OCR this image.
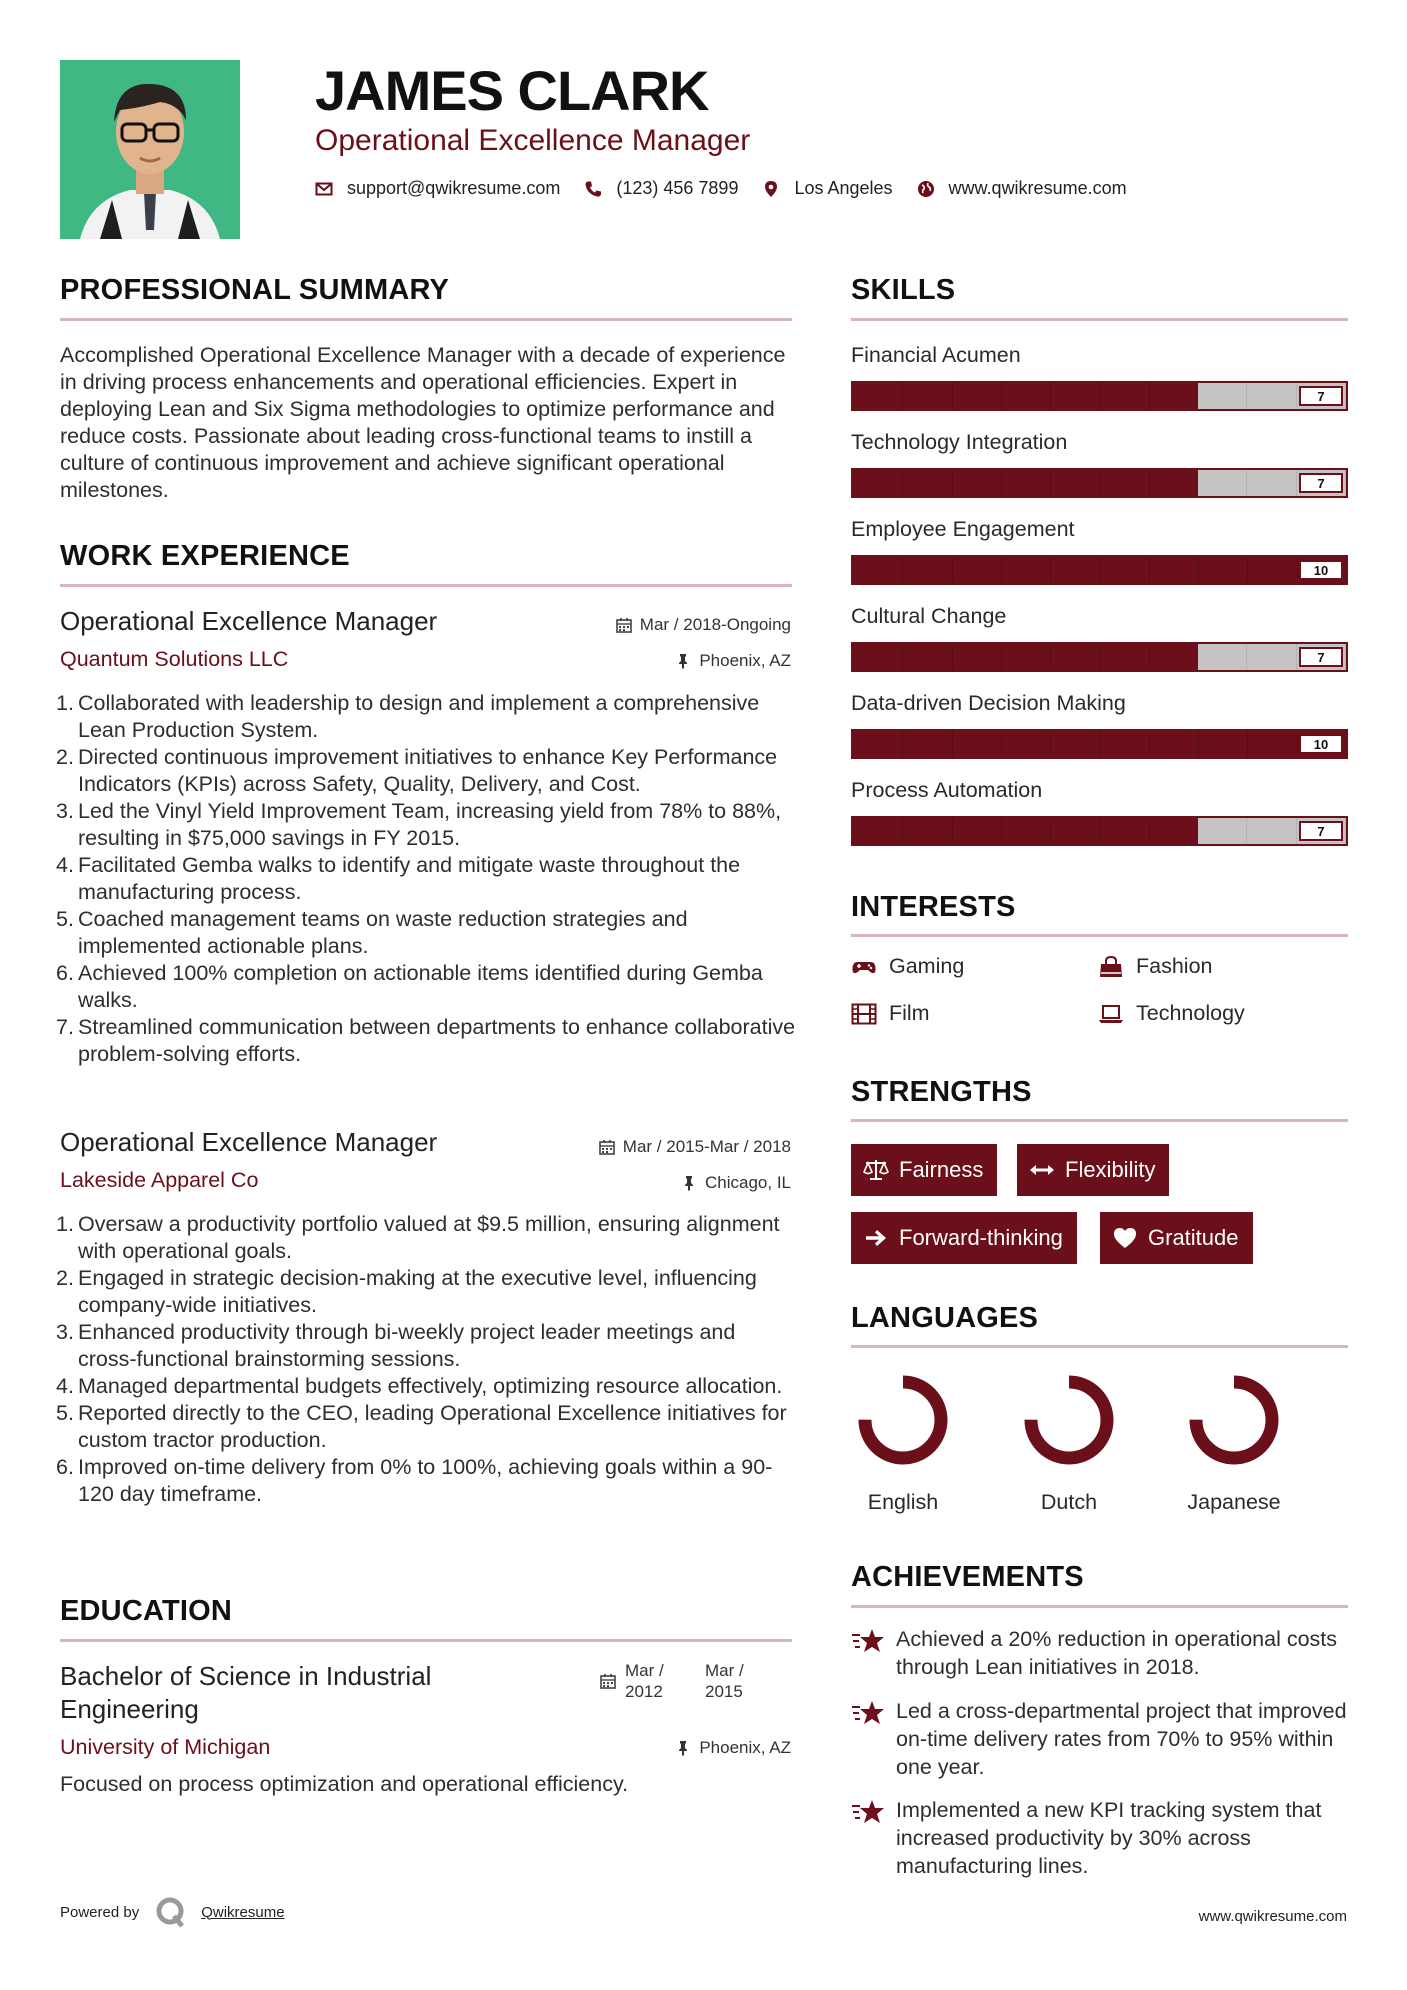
JAMES CLARK
Operational Excellence Manager
support@qwikresume.com	(123) 456 7899	Los Angeles	www.qwikresume.com
PROFESSIONAL SUMMARY
Accomplished Operational Excellence Manager with a decade of experience in driving process enhancements and operational efficiencies. Expert in deploying Lean and Six Sigma methodologies to optimize performance and reduce costs. Passionate about leading cross-functional teams to instill a culture of continuous improvement and achieve significant operational milestones.
WORK EXPERIENCE
Operational Excellence Manager	Mar / 2018-Ongoing
Quantum Solutions LLC	Phoenix, AZ
Collaborated with leadership to design and implement a comprehensive Lean Production System.
Directed continuous improvement initiatives to enhance Key Performance Indicators (KPIs) across Safety, Quality, Delivery, and Cost.
Led the Vinyl Yield Improvement Team, increasing yield from 78% to 88%, resulting in $75,000 savings in FY 2015.
Facilitated Gemba walks to identify and mitigate waste throughout the manufacturing process.
Coached management teams on waste reduction strategies and implemented actionable plans.
Achieved 100% completion on actionable items identified during Gemba walks.
Streamlined communication between departments to enhance collaborative problem-solving efforts.
Operational Excellence Manager	Mar / 2015-Mar / 2018
Lakeside Apparel Co	Chicago, IL
Oversaw a productivity portfolio valued at $9.5 million, ensuring alignment with operational goals.
Engaged in strategic decision-making at the executive level, influencing company-wide initiatives.
Enhanced productivity through bi-weekly project leader meetings and cross-functional brainstorming sessions.
Managed departmental budgets effectively, optimizing resource allocation.
Reported directly to the CEO, leading Operational Excellence initiatives for custom tractor production.
Improved on-time delivery from 0% to 100%, achieving goals within a 90-120 day timeframe.
EDUCATION
Bachelor of Science in Industrial Engineering
Mar /
2012
Mar /
2015
University of Michigan	Phoenix, AZ
Focused on process optimization and operational efficiency.
SKILLS
Financial Acumen
7
Technology Integration
7
Employee Engagement
10
Cultural Change
7
Data-driven Decision Making
10
Process Automation
7
INTERESTS
Gaming	Fashion
Film	Technology
STRENGTHS
Fairness	Flexibility
Forward-thinking	Gratitude
LANGUAGES
English	Dutch	Japanese
ACHIEVEMENTS
Achieved a 20% reduction in operational costs through Lean initiatives in 2018.
Led a cross-departmental project that improved on-time delivery rates from 70% to 95% within one year.
Implemented a new KPI tracking system that increased productivity by 30% across manufacturing lines.
Powered by	Qwikresume	www.qwikresume.com
